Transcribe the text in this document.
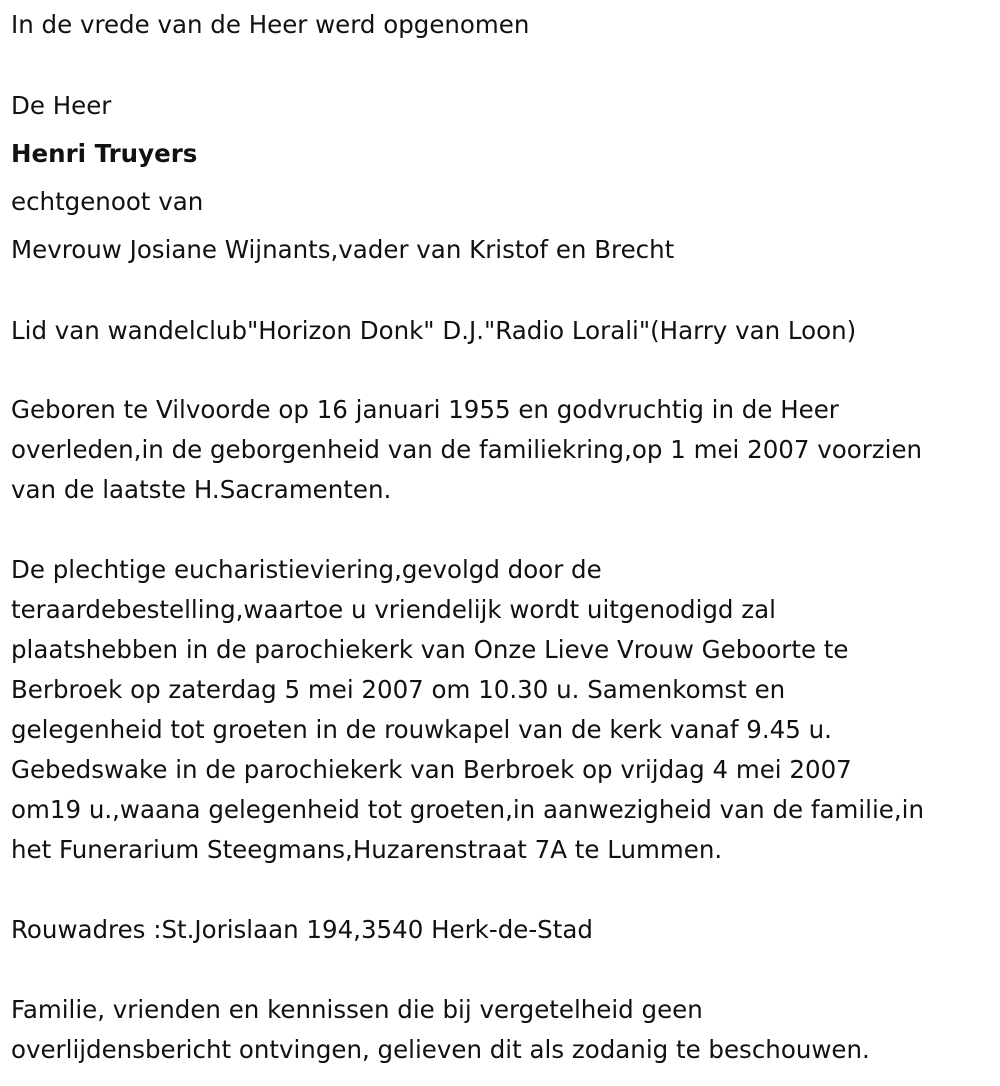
In de vrede van de Heer werd opgenomen
De Heer
Henri Truyers
echtgenoot van
Mevrouw Josiane Wijnants,vader van Kristof en Brecht
Lid van wandelclub"Horizon Donk" D.J."Radio Lorali"(Harry van Loon)
Geboren te Vilvoorde op 16 januari 1955 en godvruchtig in de Heer
overleden,in de geborgenheid van de familiekring,op 1 mei 2007 voorzien
van de laatste H.Sacramenten.
De plechtige eucharistieviering,gevolgd door de
teraardebestelling,waartoe u vriendelijk wordt uitgenodigd zal
plaatshebben in de parochiekerk van Onze Lieve Vrouw Geboorte te
Berbroek op zaterdag 5 mei 2007 om 10.30 u. Samenkomst en
gelegenheid tot groeten in de rouwkapel van de kerk vanaf 9.45 u.
Gebedswake in de parochiekerk van Berbroek op vrijdag 4 mei 2007
om19 u.,waana gelegenheid tot groeten,in aanwezigheid van de familie,in
het Funerarium Steegmans,Huzarenstraat 7A te Lummen.
Rouwadres :St.Jorislaan 194,3540 Herk-de-Stad
Familie, vrienden en kennissen die bij vergetelheid geen
overlijdensbericht ontvingen, gelieven dit als zodanig te beschouwen.
